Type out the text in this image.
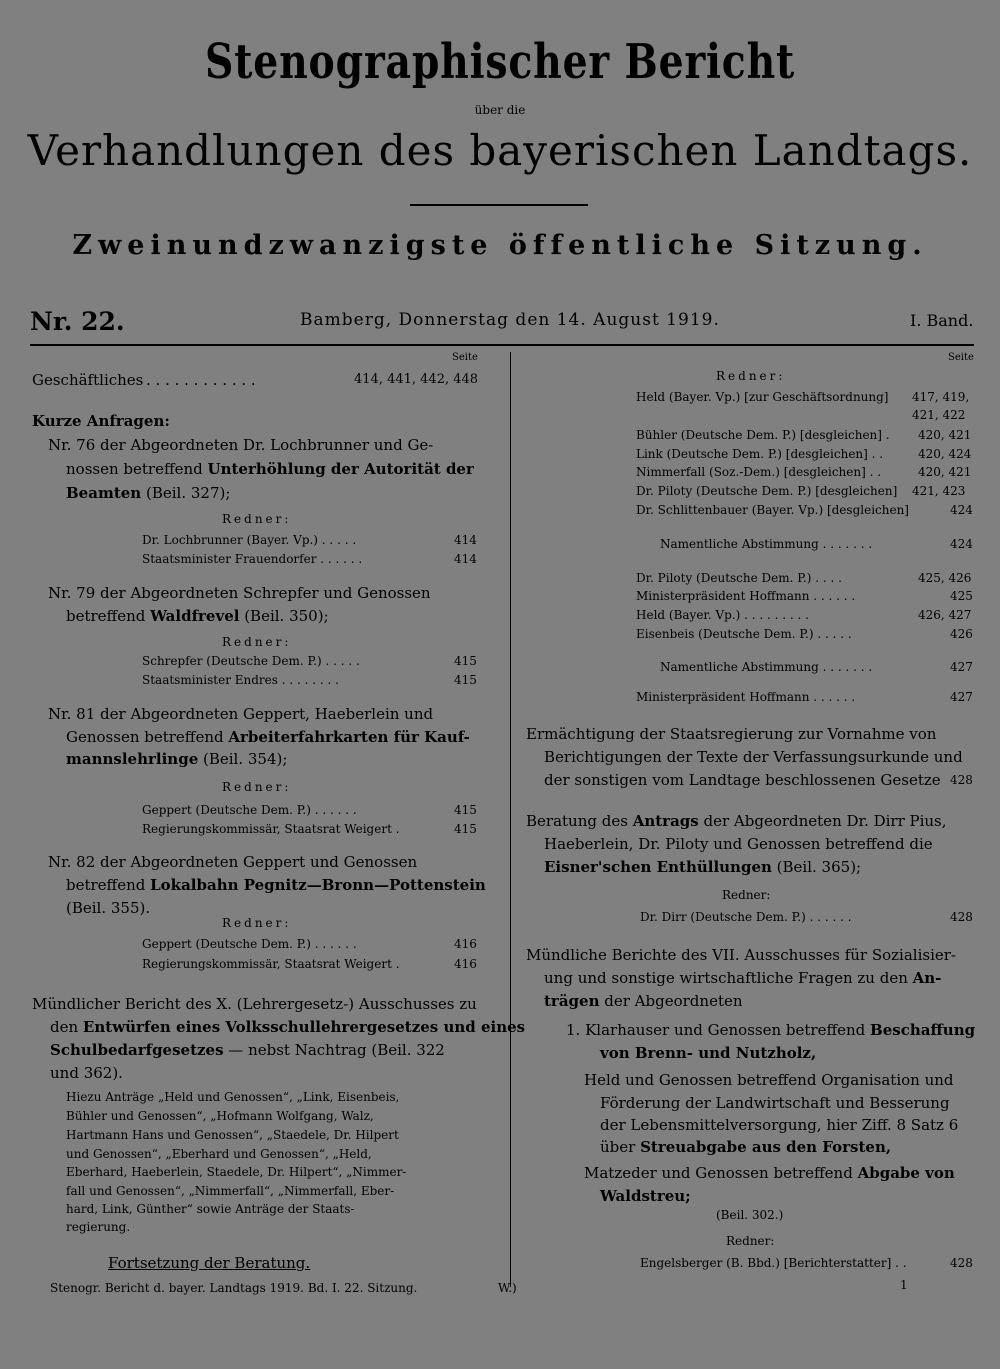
Stenographischer Bericht
über die
Verhandlungen des bayerischen Landtags.
Zweinundzwanzigste öffentliche Sitzung.
Nr. 22.	Bamberg, Donnerstag den 14. August 1919.	I. Band.
Seite
Geschäftliches . . . . . . . . . . . .	414, 441, 442, 448
Kurze Anfragen:
Nr. 76 der Abgeordneten Dr. Lochbrunner und Ge-
nossen betreffend Unterhöhlung der Autorität der
Beamten (Beil. 327);
Redner:
Dr. Lochbrunner (Bayer. Vp.) . . . . .	414
Staatsminister Frauendorfer . . . . . .	414
Nr. 79 der Abgeordneten Schrepfer und Genossen
betreffend Waldfrevel (Beil. 350);
Redner:
Schrepfer (Deutsche Dem. P.) . . . . .	415
Staatsminister Endres . . . . . . . .	415
Nr. 81 der Abgeordneten Geppert, Haeberlein und
Genossen betreffend Arbeiterfahrkarten für Kauf-
mannslehrlinge (Beil. 354);
Redner:
Geppert (Deutsche Dem. P.) . . . . . .	415
Regierungskommissär, Staatsrat Weigert .	415
Nr. 82 der Abgeordneten Geppert und Genossen
betreffend Lokalbahn Pegnitz—Bronn—Pottenstein
(Beil. 355).
Redner:
Geppert (Deutsche Dem. P.) . . . . . .	416
Regierungskommissär, Staatsrat Weigert .	416
Mündlicher Bericht des X. (Lehrergesetz-) Ausschusses zu
den Entwürfen eines Volksschullehrergesetzes und eines
Schulbedarfgesetzes — nebst Nachtrag (Beil. 322
und 362).
Hiezu Anträge „Held und Genossen“, „Link, Eisenbeis,
Bühler und Genossen“, „Hofmann Wolfgang, Walz,
Hartmann Hans und Genossen“, „Staedele, Dr. Hilpert
und Genossen“, „Eberhard und Genossen“, „Held,
Eberhard, Haeberlein, Staedele, Dr. Hilpert“, „Nimmer-
fall und Genossen“, „Nimmerfall“, „Nimmerfall, Eber-
hard, Link, Günther“ sowie Anträge der Staats-
regierung.
Fortsetzung der Beratung.
Stenogr. Bericht d. bayer. Landtags 1919. Bd. I. 22. Sitzung.	W.)
Seite
Redner:
Held (Bayer. Vp.) [zur Geschäftsordnung] 417, 419,
421, 422
Bühler (Deutsche Dem. P.) [desgleichen] . 420, 421
Link (Deutsche Dem. P.) [desgleichen] . .	420, 424
Nimmerfall (Soz.-Dem.) [desgleichen] . .	420, 421
Dr. Piloty (Deutsche Dem. P.) [desgleichen] 421, 423
Dr. Schlittenbauer (Bayer. Vp.) [desgleichen]	424
Namentliche Abstimmung . . . . . . .	424
Dr. Piloty (Deutsche Dem. P.) . . . .	425, 426
Ministerpräsident Hoffmann . . . . . .	425
Held (Bayer. Vp.) . . . . . . . . .	426, 427
Eisenbeis (Deutsche Dem. P.) . . . . .	426
Namentliche Abstimmung . . . . . . .	427
Ministerpräsident Hoffmann . . . . . .	427
Ermächtigung der Staatsregierung zur Vornahme von
Berichtigungen der Texte der Verfassungsurkunde und
der sonstigen vom Landtage beschlossenen Gesetze 428
Beratung des Antrags der Abgeordneten Dr. Dirr Pius,
Haeberlein, Dr. Piloty und Genossen betreffend die
Eisner'schen Enthüllungen (Beil. 365);
Redner:
Dr. Dirr (Deutsche Dem. P.) . . . . . .	428
Mündliche Berichte des VII. Ausschusses für Sozialisier-
ung und sonstige wirtschaftliche Fragen zu den An-
trägen der Abgeordneten
1. Klarhauser und Genossen betreffend Beschaffung
von Brenn- und Nutzholz,
Held und Genossen betreffend Organisation und
Förderung der Landwirtschaft und Besserung
der Lebensmittelversorgung, hier Ziff. 8 Satz 6
über Streuabgabe aus den Forsten,
Matzeder und Genossen betreffend Abgabe von
Waldstreu;
(Beil. 302.)
Redner:
Engelsberger (B. Bbd.) [Berichterstatter] . .	428
1
